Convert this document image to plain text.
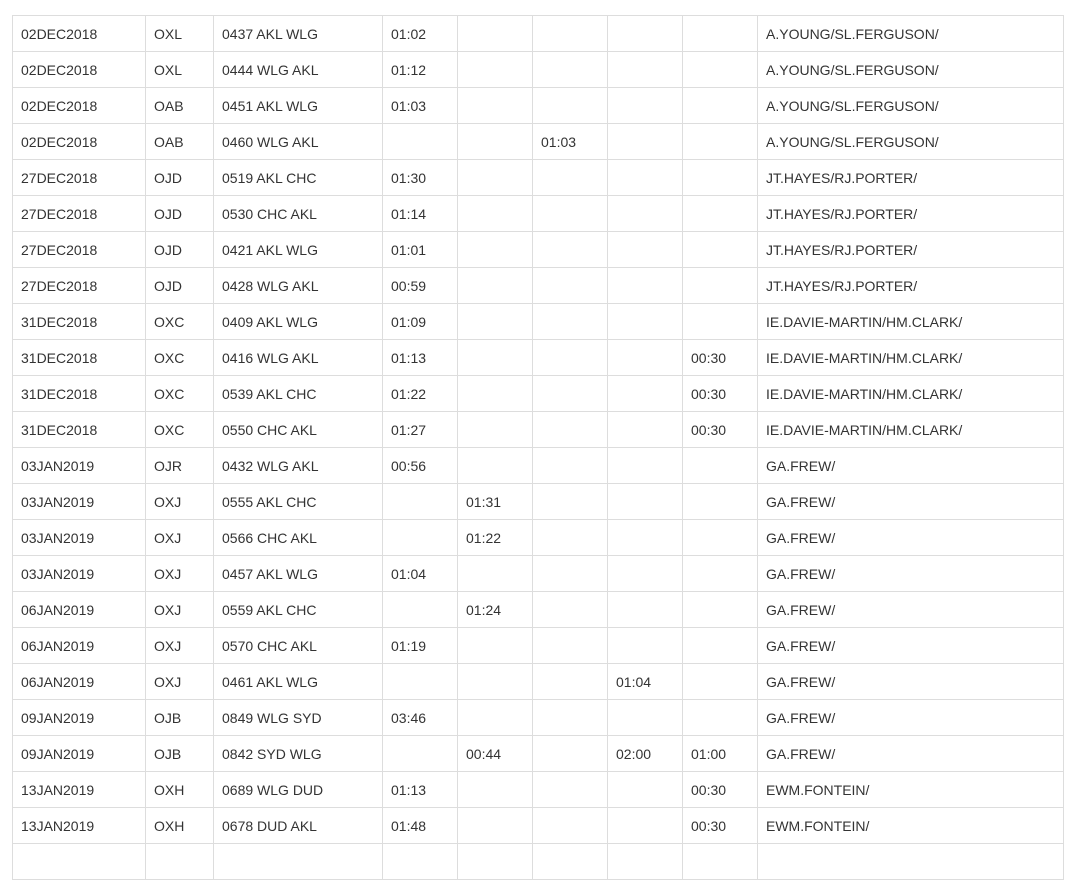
02DEC2018	OXL	0437 AKL WLG	01:02					A.YOUNG/SL.FERGUSON/
02DEC2018	OXL	0444 WLG AKL	01:12					A.YOUNG/SL.FERGUSON/
02DEC2018	OAB	0451 AKL WLG	01:03					A.YOUNG/SL.FERGUSON/
02DEC2018	OAB	0460 WLG AKL			01:03			A.YOUNG/SL.FERGUSON/
27DEC2018	OJD	0519 AKL CHC	01:30					JT.HAYES/RJ.PORTER/
27DEC2018	OJD	0530 CHC AKL	01:14					JT.HAYES/RJ.PORTER/
27DEC2018	OJD	0421 AKL WLG	01:01					JT.HAYES/RJ.PORTER/
27DEC2018	OJD	0428 WLG AKL	00:59					JT.HAYES/RJ.PORTER/
31DEC2018	OXC	0409 AKL WLG	01:09					IE.DAVIE-MARTIN/HM.CLARK/
31DEC2018	OXC	0416 WLG AKL	01:13				00:30	IE.DAVIE-MARTIN/HM.CLARK/
31DEC2018	OXC	0539 AKL CHC	01:22				00:30	IE.DAVIE-MARTIN/HM.CLARK/
31DEC2018	OXC	0550 CHC AKL	01:27				00:30	IE.DAVIE-MARTIN/HM.CLARK/
03JAN2019	OJR	0432 WLG AKL	00:56					GA.FREW/
03JAN2019	OXJ	0555 AKL CHC		01:31				GA.FREW/
03JAN2019	OXJ	0566 CHC AKL		01:22				GA.FREW/
03JAN2019	OXJ	0457 AKL WLG	01:04					GA.FREW/
06JAN2019	OXJ	0559 AKL CHC		01:24				GA.FREW/
06JAN2019	OXJ	0570 CHC AKL	01:19					GA.FREW/
06JAN2019	OXJ	0461 AKL WLG				01:04		GA.FREW/
09JAN2019	OJB	0849 WLG SYD	03:46					GA.FREW/
09JAN2019	OJB	0842 SYD WLG		00:44		02:00	01:00	GA.FREW/
13JAN2019	OXH	0689 WLG DUD	01:13				00:30	EWM.FONTEIN/
13JAN2019	OXH	0678 DUD AKL	01:48				00:30	EWM.FONTEIN/
